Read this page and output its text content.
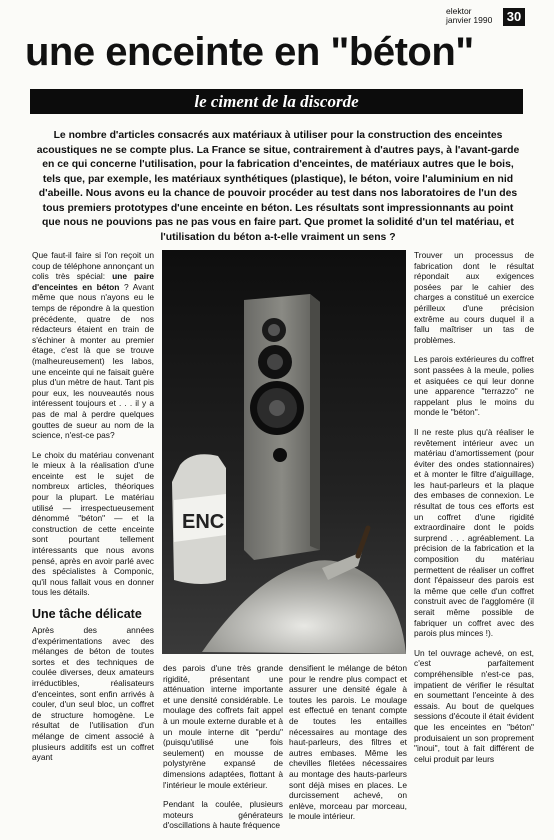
elektor
janvier 1990 30
une enceinte en "béton"
le ciment de la discorde

Le nombre d'articles consacrés aux matériaux à utiliser pour la construction des enceintes acoustiques ne se compte plus. La France se situe, contrairement à d'autres pays, à l'avant-garde en ce qui concerne l'utilisation, pour la fabrication d'enceintes, de matériaux autres que le bois, tels que, par exemple, les matériaux synthétiques (plastique), le béton, voire l'aluminium en nid d'abeille. Nous avons eu la chance de pouvoir procéder au test dans nos laboratoires de l'un des tous premiers prototypes d'une enceinte en béton. Les résultats sont impressionnants au point que nous ne pouvions pas ne pas vous en faire part. Que promet la solidité d'un tel matériau, et l'utilisation du béton a-t-elle vraiment un sens ?

Que faut-il faire si l'on reçoit un coup de téléphone annonçant un colis très spécial: une paire d'enceintes en béton ? Avant même que nous n'ayons eu le temps de répondre à la question précédente, quatre de nos rédacteurs étaient en train de s'échiner à monter au premier étage, c'est là que se trouve (malheureusement) les labos, une enceinte qui ne faisait guère plus d'un mètre de haut. Tant pis pour eux, les nouveautés nous intéressent toujours et . . . il y a pas de mal à perdre quelques gouttes de sueur au nom de la science, n'est-ce pas?

Le choix du matériau convenant le mieux à la réalisation d'une enceinte est le sujet de nombreux articles, théoriques pour la plupart. Le matériau utilisé — irrespectueusement dénommé "béton" — et la construction de cette enceinte sont pourtant tellement intéressants que nous avons pensé, après en avoir parlé avec des spécialistes à Componic, qu'il nous fallait vous en donner tous les détails.

Une tâche délicate

Après des années d'expérimentations avec des mélanges de béton de toutes sortes et des techniques de coulée diverses, deux amateurs irréductibles, réalisateurs d'enceintes, sont enfin arrivés à couler, d'un seul bloc, un coffret de structure homogène. Le résultat de l'utilisation d'un mélange de ciment associé à plusieurs additifs est un coffret ayant

ENC

des parois d'une très grande rigidité, présentant une atténuation interne importante et une densité considérable. Le moulage des coffrets fait appel à un moule externe durable et à un moule interne dit "perdu" (puisqu'utilisé une fois seulement) en mousse de polystyrène expansé de dimensions adaptées, flottant à l'intérieur le moule extérieur.

Pendant la coulée, plusieurs moteurs générateurs d'oscillations à haute fréquence

densifient le mélange de béton pour le rendre plus compact et assurer une densité égale à toutes les parois. Le moulage est effectué en tenant compte de toutes les entailles nécessaires au montage des haut-parleurs, des filtres et autres embases. Même les chevilles filetées nécessaires au montage des hauts-parleurs sont déjà mises en places. Le durcissement achevé, on enlève, morceau par morceau, le moule intérieur.

Trouver un processus de fabrication dont le résultat répondait aux exigences posées par le cahier des charges a constitué un exercice périlleux d'une précision extrême au cours duquel il a fallu maîtriser un tas de problèmes.

Les parois extérieures du coffret sont passées à la meule, polies et asiquées ce qui leur donne une apparence "terrazzo" ne rappelant plus le moins du monde le "béton".

Il ne reste plus qu'à réaliser le revêtement intérieur avec un matériau d'amortissement (pour éviter des ondes stationnaires) et à monter le filtre d'aiguillage, les haut-parleurs et la plaque des embases de connexion. Le résultat de tous ces efforts est un coffret d'une rigidité extraordinaire dont le poids surprend . . . agréablement. La précision de la fabrication et la composition du matériau permettent de réaliser un coffret dont l'épaisseur des parois est la même que celle d'un coffret construit avec de l'agglomére (il serait même possible de fabriquer un coffret avec des parois plus minces !).

Un tel ouvrage achevé, on est, c'est parfaitement compréhensible n'est-ce pas, impatient de vérifier le résultat en soumettant l'enceinte à des essais. Au bout de quelques sessions d'écoute il était évident que les enceintes en "béton" produisaient un son proprement "inoui", tout à fait différent de celui produit par leurs
